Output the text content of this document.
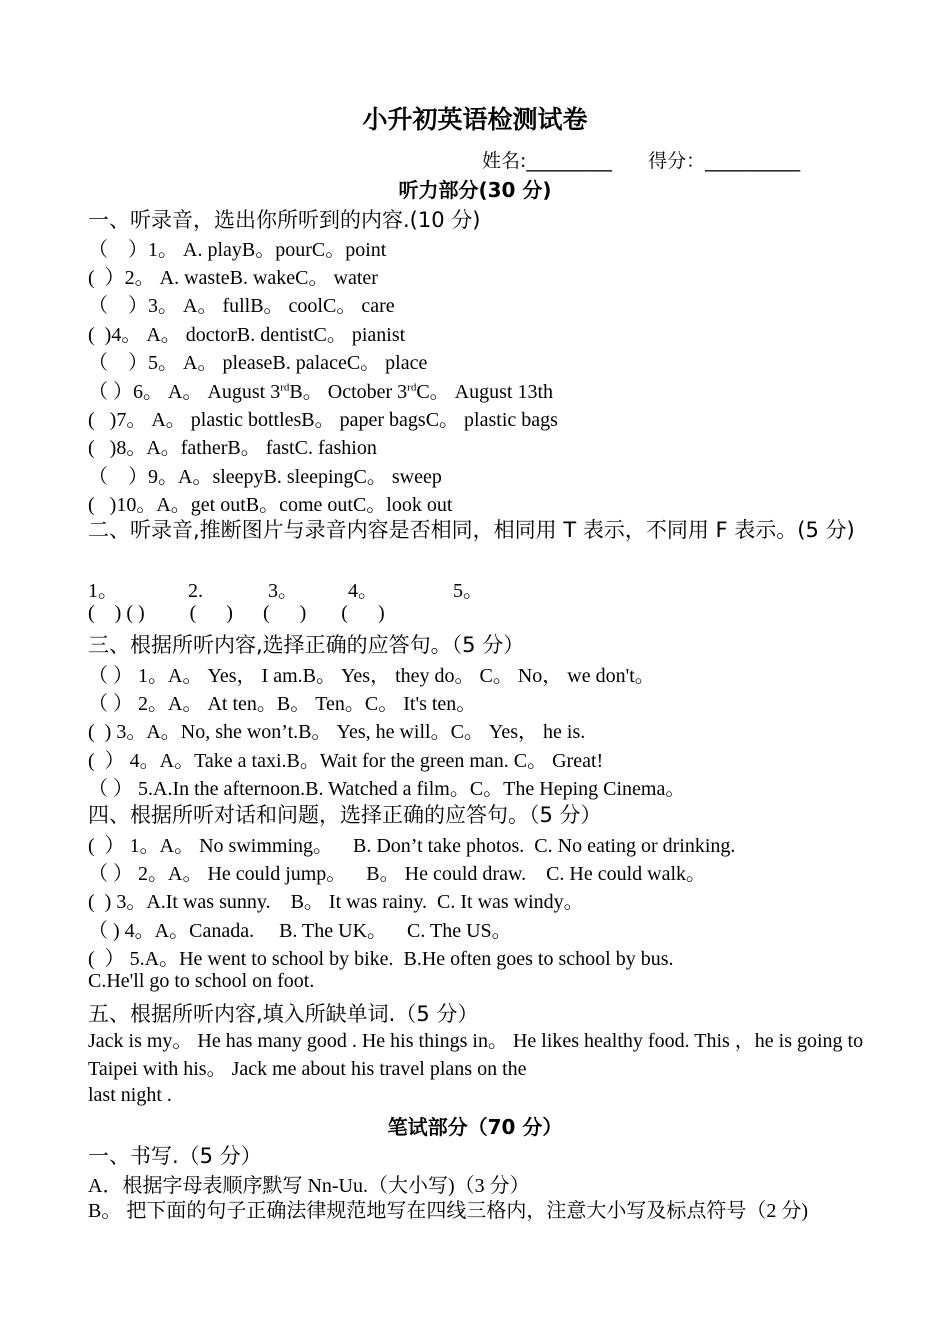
小升初英语检测试卷
姓名:_________ 得分：__________
听力部分(30 分)
一、听录音，选出你所听到的内容.(10 分)
（　）1。 A. playB。pourC。point
(  ）2。 A. wasteB. wakeC。 water
（　）3。 A。 fullB。 coolC。 care
(  )4。 A。 doctorB. dentistC。 pianist
（　）5。 A。 pleaseB. palaceC。 place
（ ）6。 A。 August 3rdB。 October 3rdC。 August 13th
(   )7。 A。 plastic bottlesB。 paper bagsC。 plastic bags
(   )8。A。fatherB。 fastC. fashion
（　）9。A。sleepyB. sleepingC。 sweep
(   )10。A。get outB。come outC。look out
二、听录音,推断图片与录音内容是否相同，相同用 T 表示，不同用 F 表示。(5 分)
1。              2.             3。          4。               5。
(    ) ( )         (      )      (      )       (      )
三、根据所听内容,选择正确的应答句。（5 分）
（ ） 1。A。 Yes， I am.B。 Yes， they do。 C。 No， we don't。
（ ） 2。A。 At ten。B。 Ten。C。 It's ten。
(  ) 3。A。No, she won’t.B。 Yes, he will。C。 Yes， he is.
(  ） 4。A。Take a taxi.B。Wait for the green man. C。 Great!
（ ） 5.A.In the afternoon.B. Watched a film。C。The Heping Cinema。
四、根据所听对话和问题，选择正确的应答句。（5 分）
(  ） 1。A。 No swimming。    B. Don’t take photos.  C. No eating or drinking.
（ ） 2。A。 He could jump。    B。 He could draw.    C. He could walk。
(  ) 3。A.It was sunny.    B。 It was rainy.  C. It was windy。
（ ) 4。A。Canada.     B. The UK。    C. The US。
(  ） 5.A。He went to school by bike.  B.He often goes to school by bus.
C.He'll go to school on foot.
五、根据所听内容,填入所缺单词.（5 分）
Jack is my。 He has many good . He his things in。 He likes healthy food. This ，he is going to Taipei with his。 Jack me about his travel plans on the
last night .
笔试部分（70 分）
一、书写.（5 分）
A．根据字母表顺序默写 Nn-Uu.（大小写)（3 分）
B。 把下面的句子正确法律规范地写在四线三格内，注意大小写及标点符号（2 分)
